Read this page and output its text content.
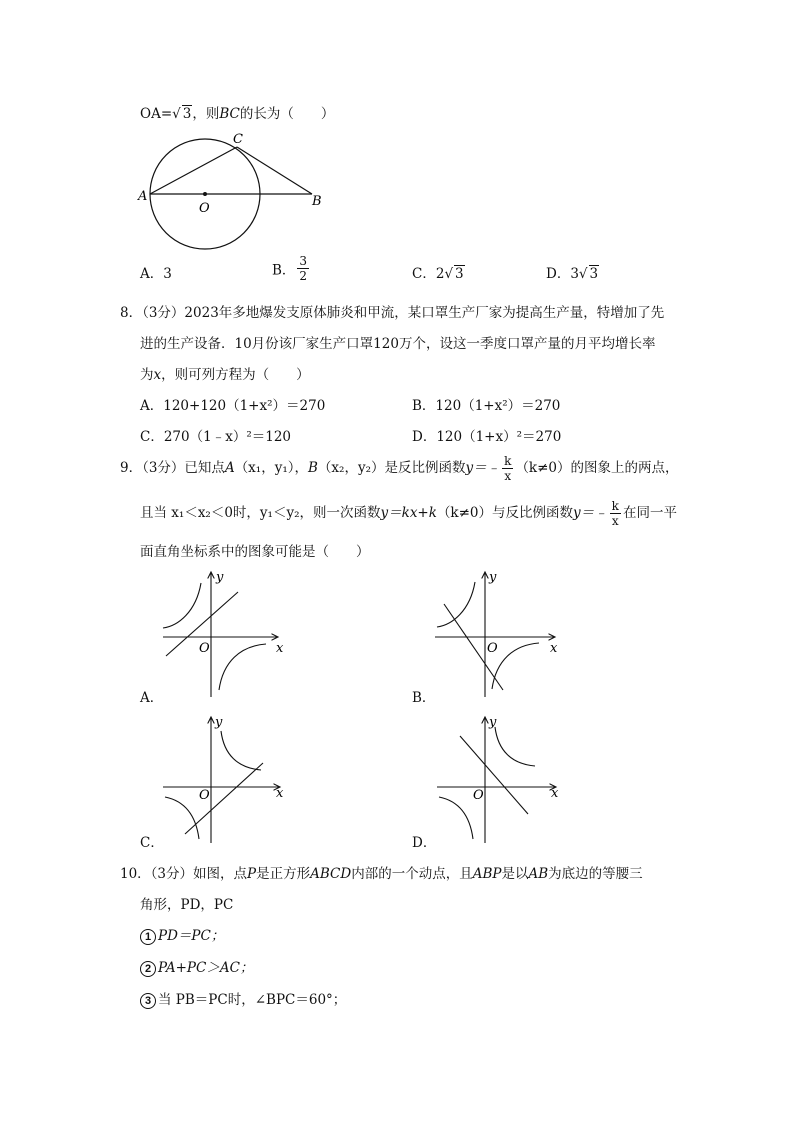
OA=√ 3，则BC的长为（　　）
A
C
B
O
A．3	B． $\frac{3}{2}$	C．2√ 3	D．3√ 3
8．（3分）2023年多地爆发支原体肺炎和甲流，某口罩生产厂家为提高生产量，特增加了先
进的生产设备．10月份该厂家生产口罩120万个，设这一季度口罩产量的月平均增长率
为x，则可列方程为（　　）
A．120+120（1+x²）＝270	B．120（1+x²）＝270
C．270（1﹣x）²＝120	D．120（1+x）²＝270
9．（3分）已知点A（x₁，y₁），B（x₂，y₂）是反比例函数y＝﹣ $\frac{k}{x} (k\ne 0)$的图象上的两点，
且当 x₁＜x₂＜0时，y₁＜y₂，则一次函数y＝kx+k（k≠0）与反比例函数y＝﹣ $\frac{k}{x}$ 在同一平
面直角坐标系中的图象可能是（　　）
x
y
O	x
y
O
x
y
O	x
y
O
A．	B．
C．	D．
10．（3分）如图，点P是正方形ABCD内部的一个动点，且ABP是以AB为底边的等腰三
角形，PD，PC
1 PD＝PC；
2 PA+PC＞AC；
3 当 PB＝PC时，∠BPC＝60°；
